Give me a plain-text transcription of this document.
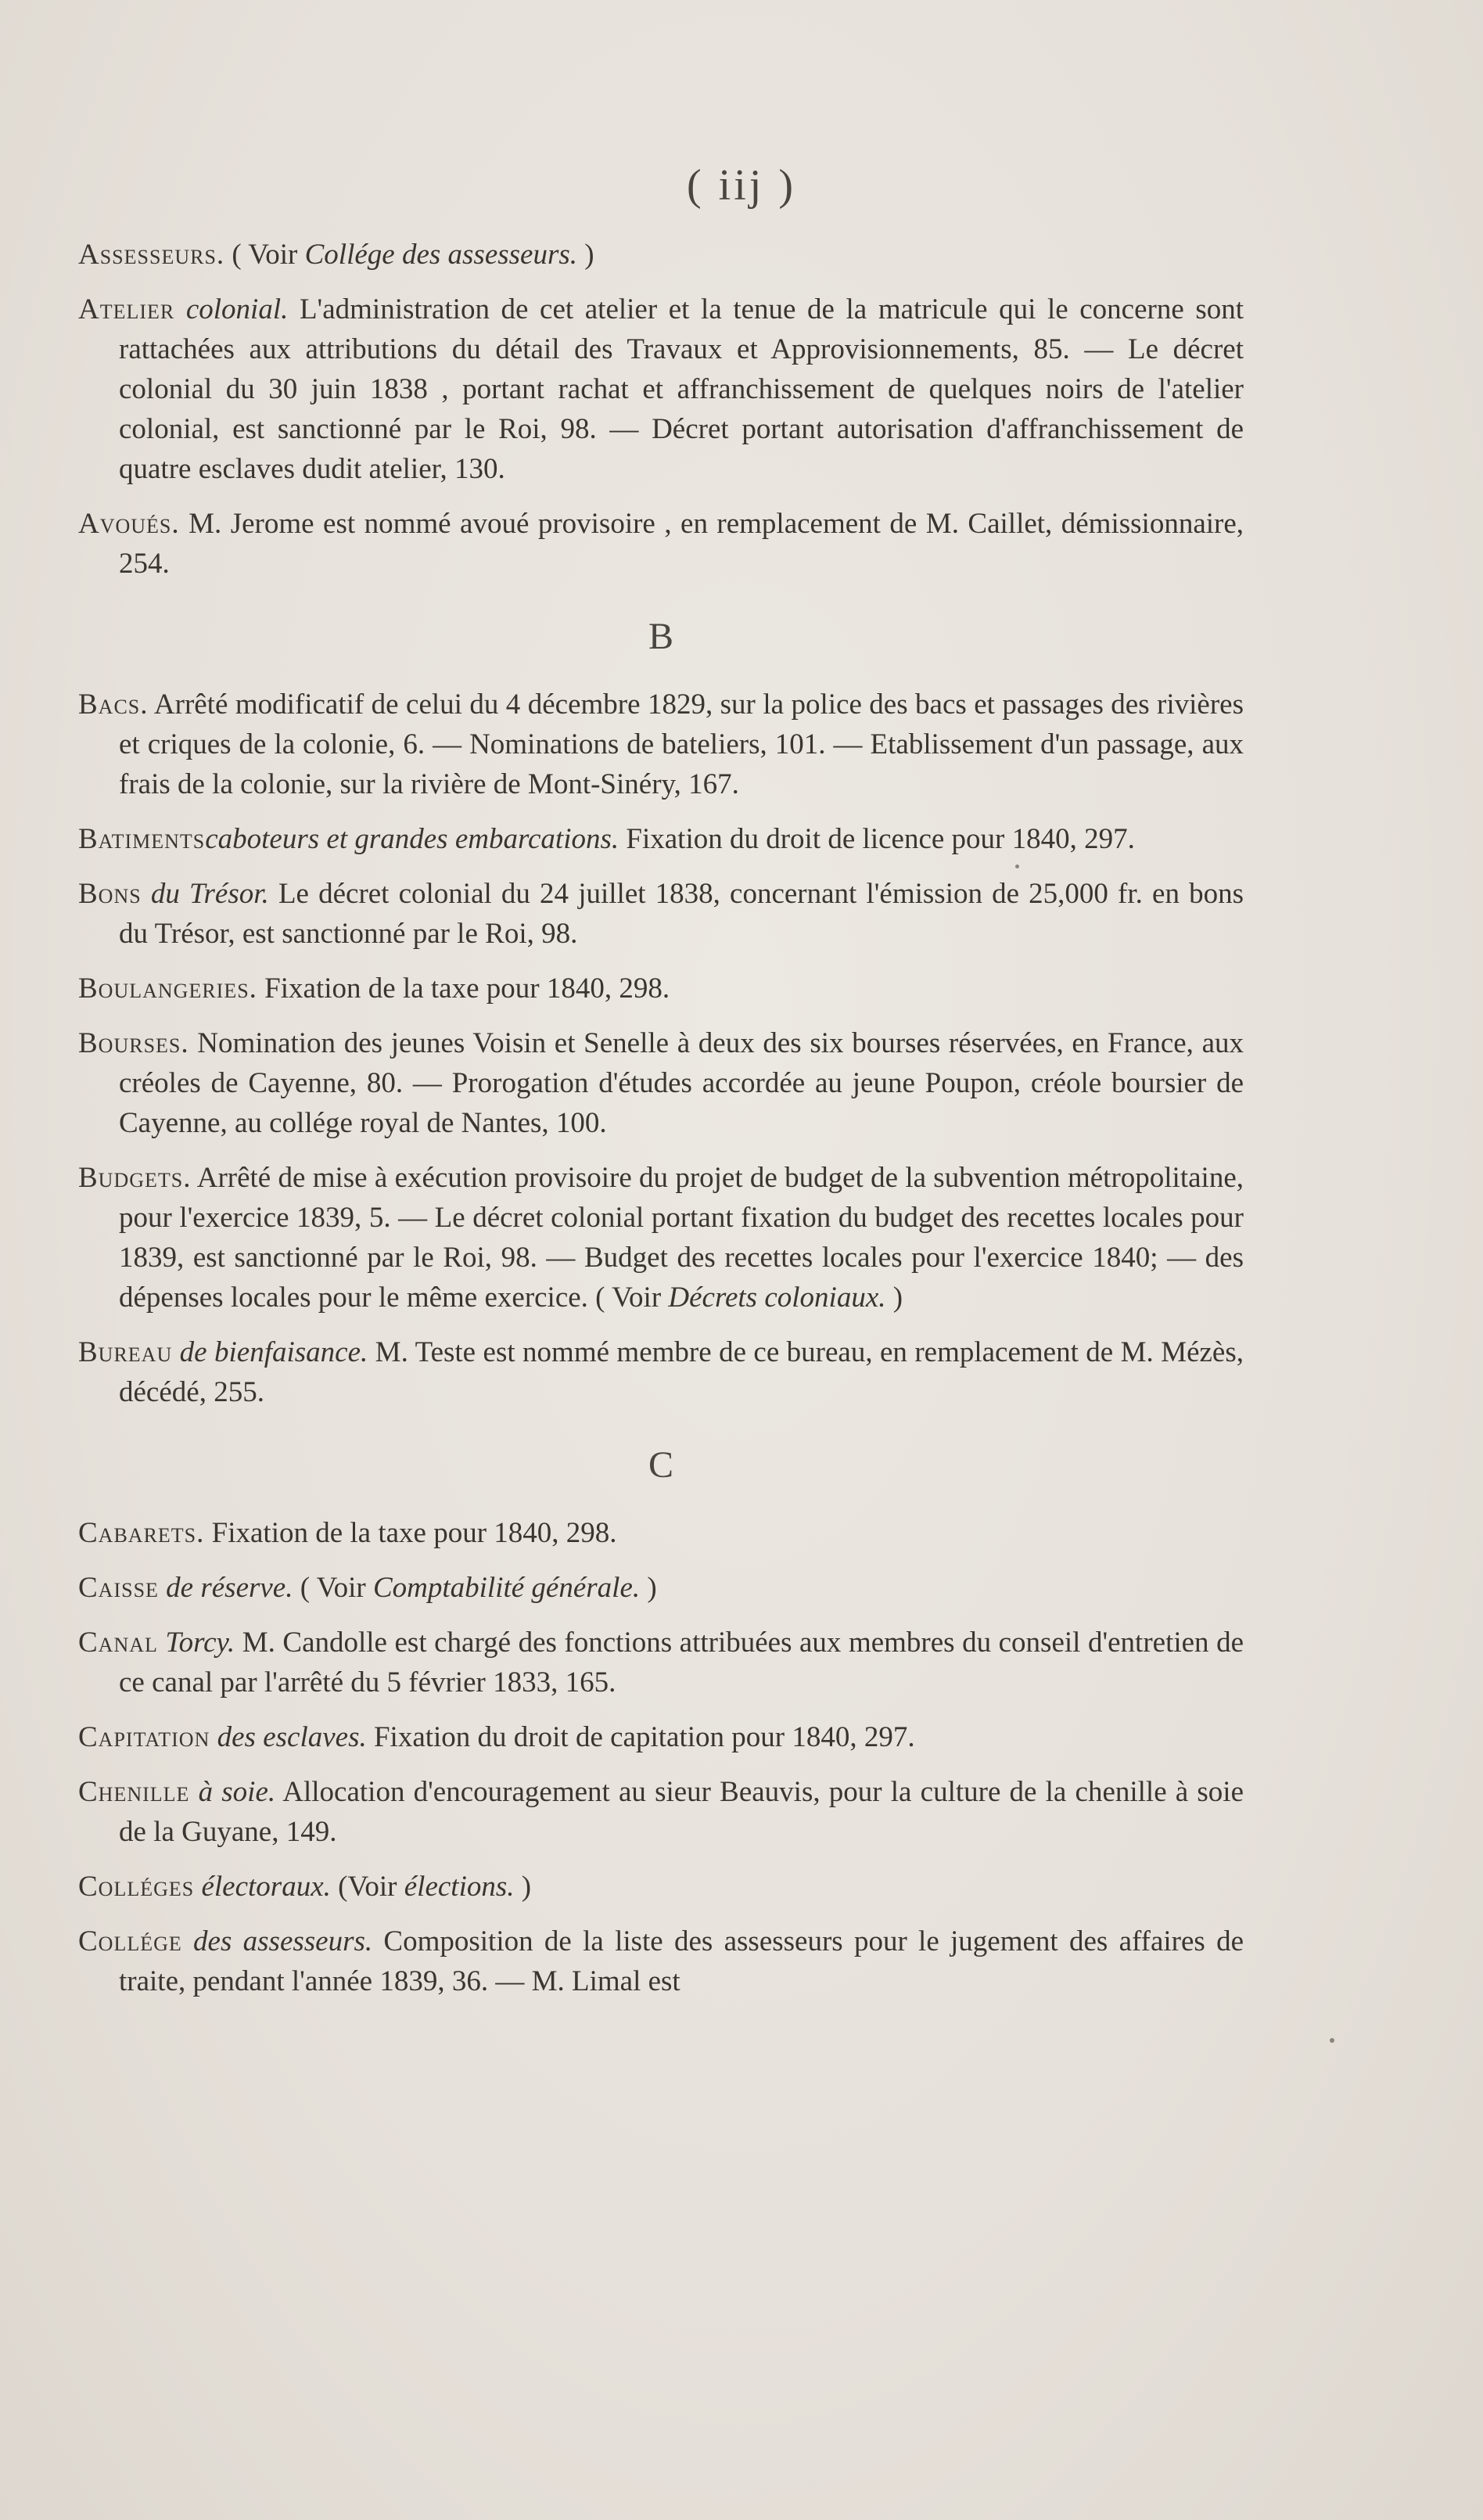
( iij )
Assesseurs. ( Voir Collége des assesseurs. )
Atelier colonial. L'administration de cet atelier et la tenue de la matricule qui le concerne sont rattachées aux attributions du détail des Travaux et Approvisionnements, 85. — Le décret colonial du 30 juin 1838 , portant rachat et affranchissement de quelques noirs de l'atelier colonial, est sanctionné par le Roi, 98. — Décret portant autorisation d'affranchissement de quatre esclaves dudit atelier, 130.
Avoués. M. Jerome est nommé avoué provisoire , en remplacement de M. Caillet, démissionnaire, 254.
B
Bacs. Arrêté modificatif de celui du 4 décembre 1829, sur la police des bacs et passages des rivières et criques de la colonie, 6. — Nominations de bateliers, 101. — Etablissement d'un passage, aux frais de la colonie, sur la rivière de Mont-Sinéry, 167.
Batimentscaboteurs et grandes embarcations. Fixation du droit de licence pour 1840, 297.
Bons du Trésor. Le décret colonial du 24 juillet 1838, concernant l'émission de 25,000 fr. en bons du Trésor, est sanctionné par le Roi, 98.
Boulangeries. Fixation de la taxe pour 1840, 298.
Bourses. Nomination des jeunes Voisin et Senelle à deux des six bourses réservées, en France, aux créoles de Cayenne, 80. — Prorogation d'études accordée au jeune Poupon, créole boursier de Cayenne, au collége royal de Nantes, 100.
Budgets. Arrêté de mise à exécution provisoire du projet de budget de la subvention métropolitaine, pour l'exercice 1839, 5. — Le décret colonial portant fixation du budget des recettes locales pour 1839, est sanctionné par le Roi, 98. — Budget des recettes locales pour l'exercice 1840; — des dépenses locales pour le même exercice. ( Voir Décrets coloniaux. )
Bureau de bienfaisance. M. Teste est nommé membre de ce bureau, en remplacement de M. Mézès, décédé, 255.
C
Cabarets. Fixation de la taxe pour 1840, 298.
Caisse de réserve. ( Voir Comptabilité générale. )
Canal Torcy. M. Candolle est chargé des fonctions attribuées aux membres du conseil d'entretien de ce canal par l'arrêté du 5 février 1833, 165.
Capitation des esclaves. Fixation du droit de capitation pour 1840, 297.
Chenille à soie. Allocation d'encouragement au sieur Beauvis, pour la culture de la chenille à soie de la Guyane, 149.
Colléges électoraux. (Voir élections. )
Collége des assesseurs. Composition de la liste des assesseurs pour le jugement des affaires de traite, pendant l'année 1839, 36. — M. Limal est
